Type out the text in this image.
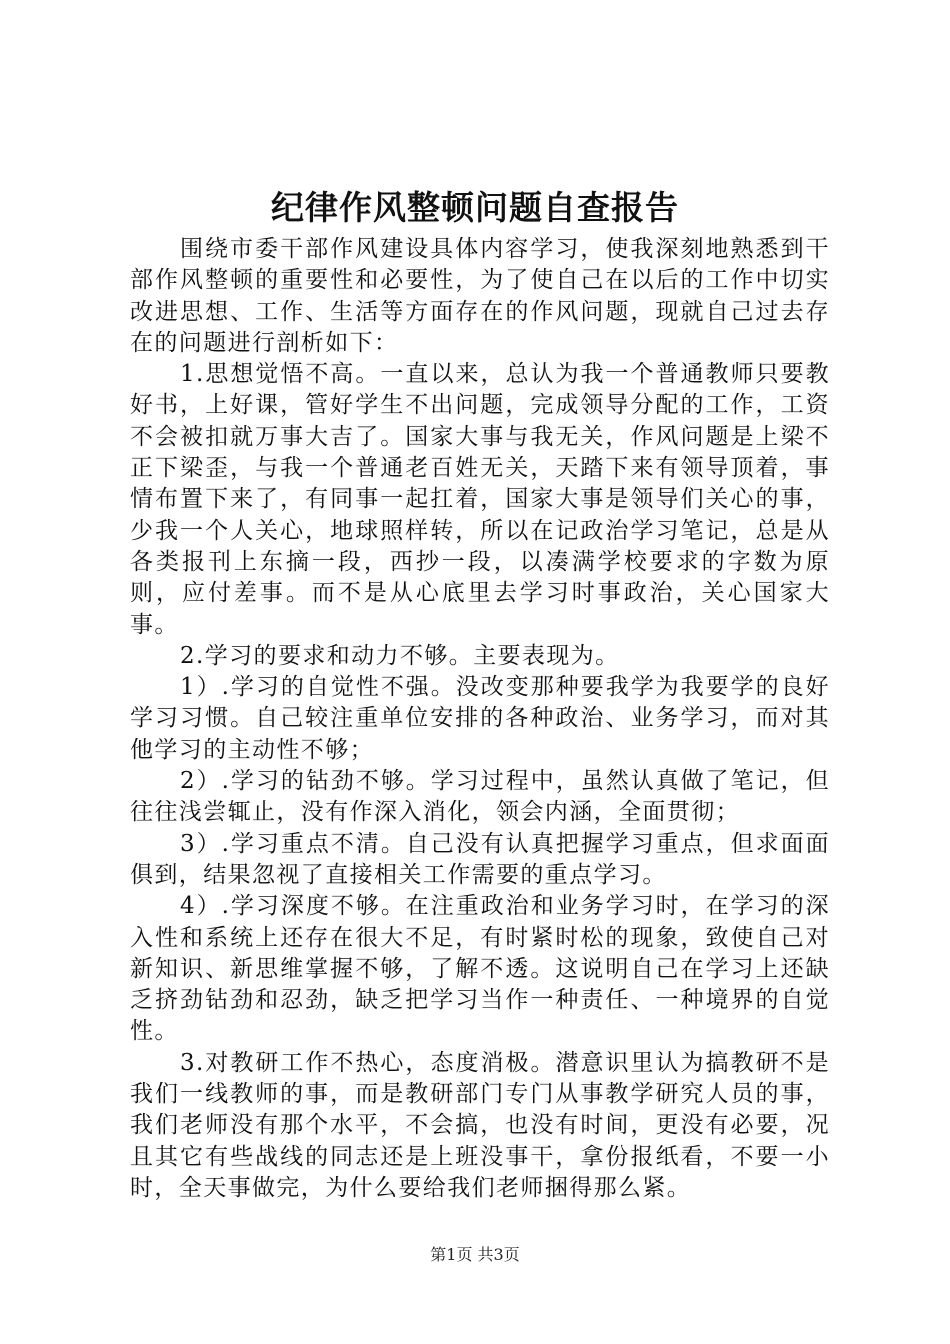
纪律作风整顿问题自查报告

围绕市委干部作风建设具体内容学习，使我深刻地熟悉到干部作风整顿的重要性和必要性，为了使自己在以后的工作中切实改进思想、工作、生活等方面存在的作风问题，现就自己过去存在的问题进行剖析如下：

1.思想觉悟不高。一直以来，总认为我一个普通教师只要教好书，上好课，管好学生不出问题，完成领导分配的工作，工资不会被扣就万事大吉了。国家大事与我无关，作风问题是上梁不正下梁歪，与我一个普通老百姓无关，天踏下来有领导顶着，事情布置下来了，有同事一起扛着，国家大事是领导们关心的事，少我一个人关心，地球照样转，所以在记政治学习笔记，总是从各类报刊上东摘一段，西抄一段，以凑满学校要求的字数为原则，应付差事。而不是从心底里去学习时事政治，关心国家大事。

2.学习的要求和动力不够。主要表现为。

1）.学习的自觉性不强。没改变那种要我学为我要学的良好学习习惯。自己较注重单位安排的各种政治、业务学习，而对其他学习的主动性不够；

2）.学习的钻劲不够。学习过程中，虽然认真做了笔记，但往往浅尝辄止，没有作深入消化，领会内涵，全面贯彻；

3）.学习重点不清。自己没有认真把握学习重点，但求面面俱到，结果忽视了直接相关工作需要的重点学习。

4）.学习深度不够。在注重政治和业务学习时，在学习的深入性和系统上还存在很大不足，有时紧时松的现象，致使自己对新知识、新思维掌握不够，了解不透。这说明自己在学习上还缺乏挤劲钻劲和忍劲，缺乏把学习当作一种责任、一种境界的自觉性。

3.对教研工作不热心，态度消极。潜意识里认为搞教研不是我们一线教师的事，而是教研部门专门从事教学研究人员的事，我们老师没有那个水平，不会搞，也没有时间，更没有必要，况且其它有些战线的同志还是上班没事干，拿份报纸看，不要一小时，全天事做完，为什么要给我们老师捆得那么紧。

第1页 共3页
